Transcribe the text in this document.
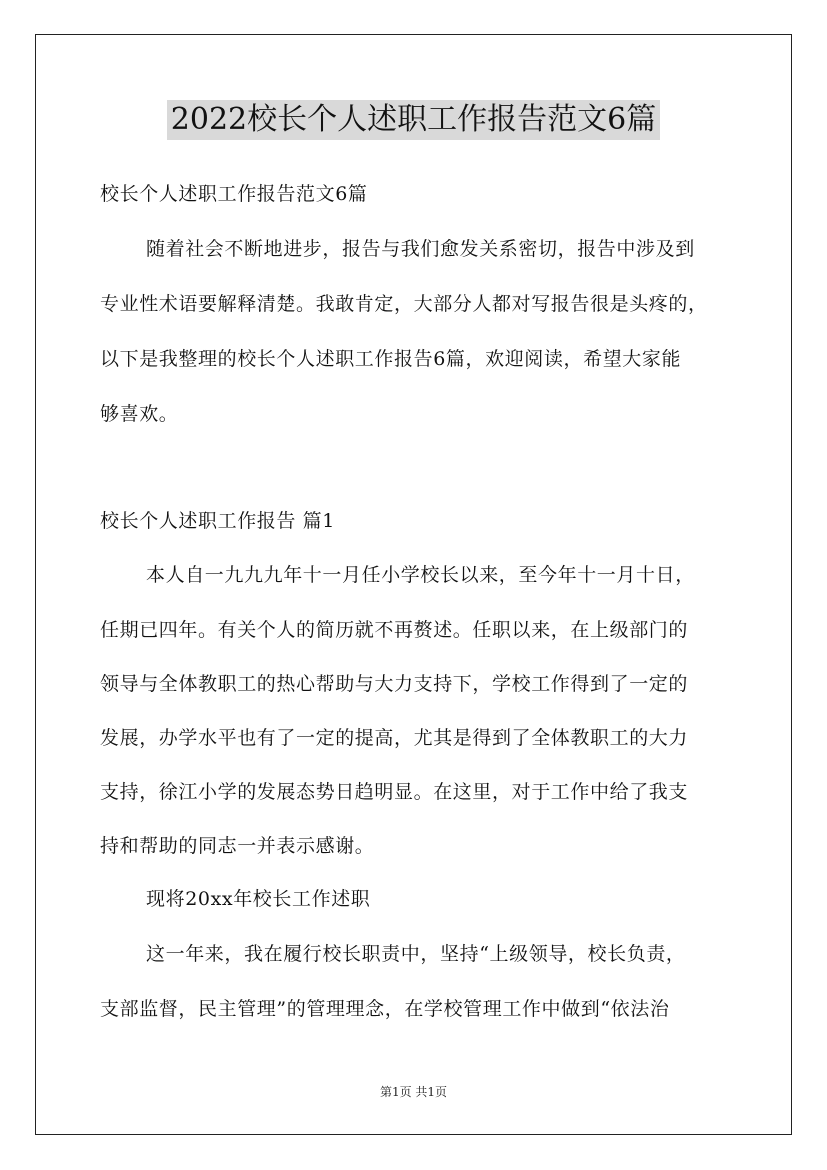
2022校长个人述职工作报告范文6篇
校长个人述职工作报告范文6篇
随着社会不断地进步，报告与我们愈发关系密切，报告中涉及到
专业性术语要解释清楚。我敢肯定，大部分人都对写报告很是头疼的，
以下是我整理的校长个人述职工作报告6篇，欢迎阅读，希望大家能
够喜欢。
校长个人述职工作报告 篇1
本人自一九九九年十一月任小学校长以来，至今年十一月十日，
任期已四年。有关个人的简历就不再赘述。任职以来，在上级部门的
领导与全体教职工的热心帮助与大力支持下，学校工作得到了一定的
发展，办学水平也有了一定的提高，尤其是得到了全体教职工的大力
支持，徐江小学的发展态势日趋明显。在这里，对于工作中给了我支
持和帮助的同志一并表示感谢。
现将20xx年校长工作述职
这一年来，我在履行校长职责中，坚持“上级领导，校长负责，
支部监督，民主管理”的管理理念，在学校管理工作中做到“依法治
第1页 共1页
